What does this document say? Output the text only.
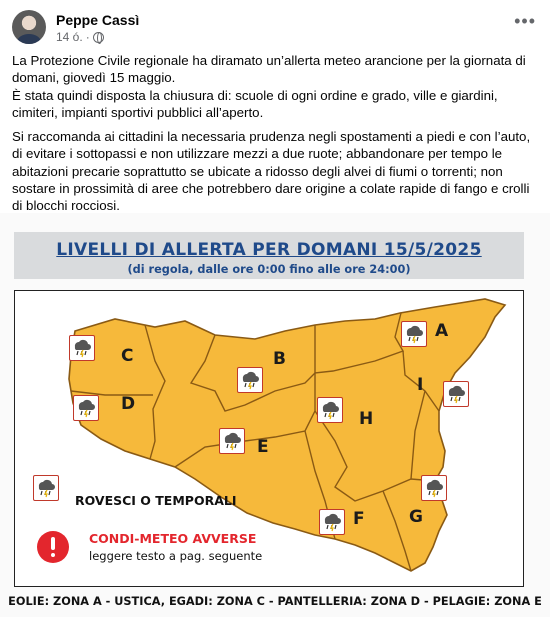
Peppe Cassì
14 ó. ·
•••

La Protezione Civile regionale ha diramato un’allerta meteo arancione per la giornata di domani, giovedì 15 maggio.
È stata quindi disposta la chiusura di: scuole di ogni ordine e grado, ville e giardini, cimiteri, impianti sportivi pubblici all’aperto.

Si raccomanda ai cittadini la necessaria prudenza negli spostamenti a piedi e con l’auto, di evitare i sottopassi e non utilizzare mezzi a due ruote; abbandonare per tempo le abitazioni precarie soprattutto se ubicate a ridosso degli alvei di fiumi o torrenti; non sostare in prossimità di aree che potrebbero dare origine a colate rapide di fango e crolli di blocchi rocciosi.

LIVELLI DI ALLERTA PER DOMANI 15/5/2025
(di regola, dalle ore 0:00 fino alle ore 24:00)
A
B
C
D
E
F	G
H
I
ROVESCI O TEMPORALI
CONDI-METEO AVVERSE
leggere testo a pag. seguente
EOLIE: ZONA A - USTICA, EGADI: ZONA C - PANTELLERIA: ZONA D - PELAGIE: ZONA E
